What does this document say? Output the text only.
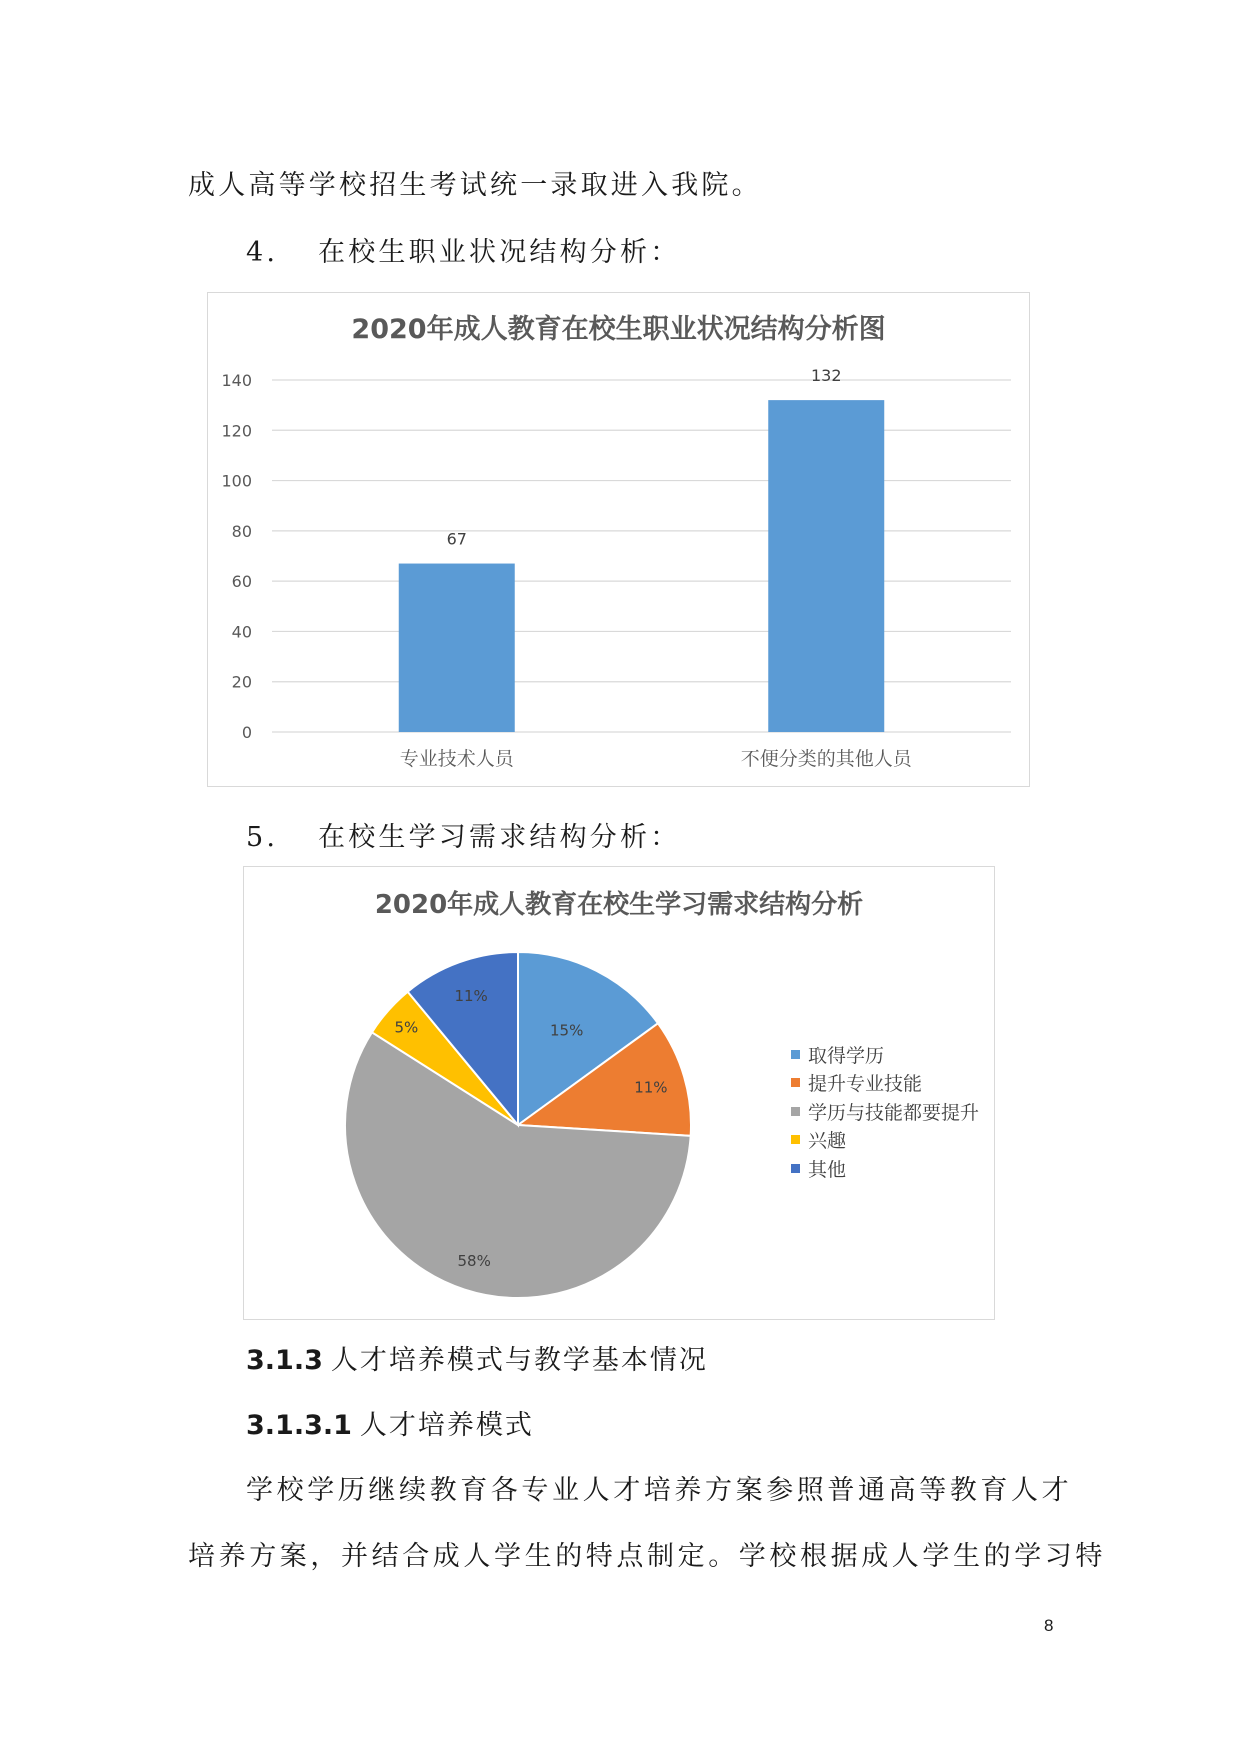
成人高等学校招生考试统一录取进入我院。
4. 在校生职业状况结构分析：
2020年成人教育在校生职业状况结构分析图
0
20
40
60
80
100
120
140
67
专业技术人员
132
不便分类的其他人员
5. 在校生学习需求结构分析：
2020年成人教育在校生学习需求结构分析
15%
11%
58%
5%
11%
取得学历
提升专业技能
学历与技能都要提升
兴趣
其他
3.1.3 人才培养模式与教学基本情况
3.1.3.1 人才培养模式
学校学历继续教育各专业人才培养方案参照普通高等教育人才
培养方案，并结合成人学生的特点制定。学校根据成人学生的学习特
8
